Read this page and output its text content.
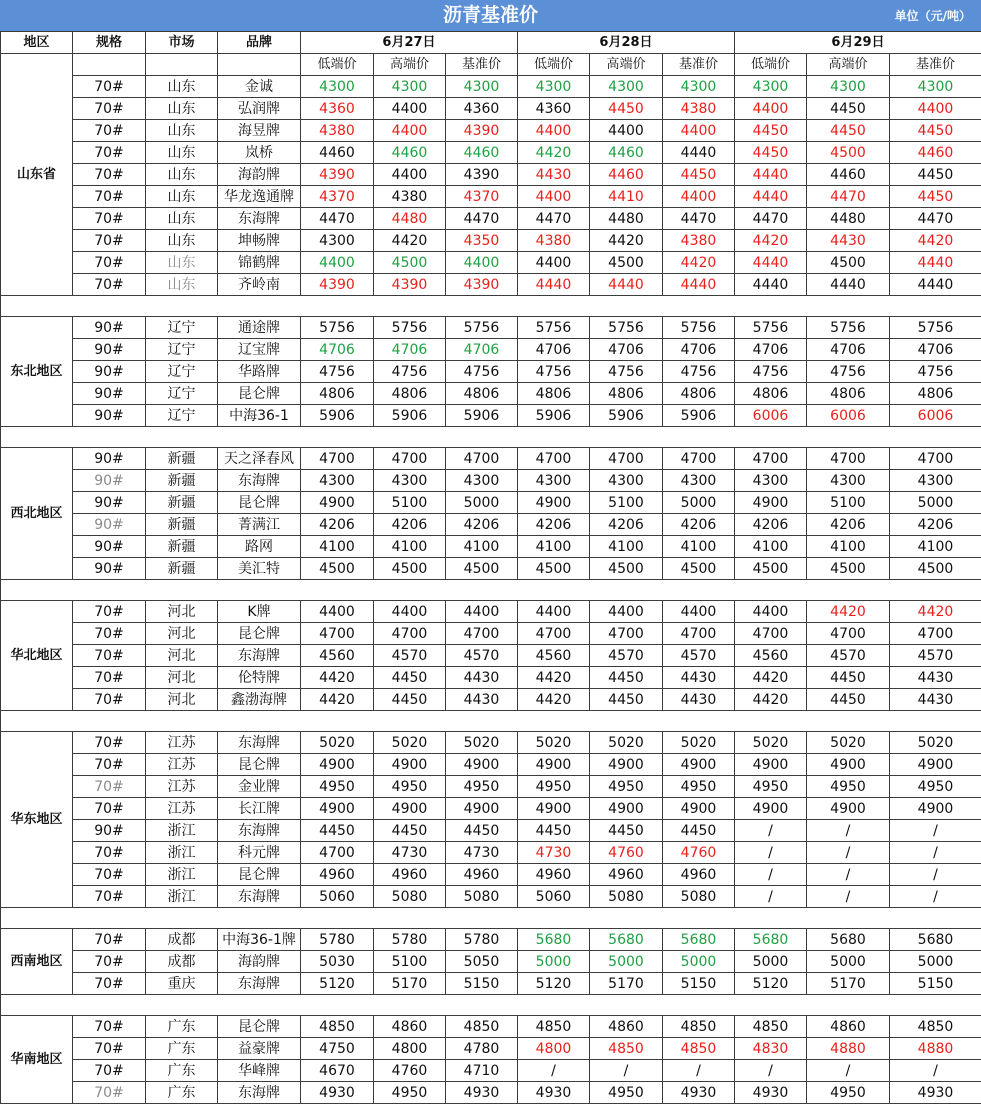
沥青基准价	单位（元/吨）
地区	规格	市场	品牌	6月27日			6月28日			6月29日		
山东省				低端价	高端价	基准价	低端价	高端价	基准价	低端价	高端价	基准价
	70#	山东	金诚	4300	4300	4300	4300	4300	4300	4300	4300	4300
	70#	山东	弘润牌	4360	4400	4360	4360	4450	4380	4400	4450	4400
	70#	山东	海昱牌	4380	4400	4390	4400	4400	4400	4450	4450	4450
	70#	山东	岚桥	4460	4460	4460	4420	4460	4440	4450	4500	4460
	70#	山东	海韵牌	4390	4400	4390	4430	4460	4450	4440	4460	4450
	70#	山东	华龙逸通牌	4370	4380	4370	4400	4410	4400	4440	4470	4450
	70#	山东	东海牌	4470	4480	4470	4470	4480	4470	4470	4480	4470
	70#	山东	坤畅牌	4300	4420	4350	4380	4420	4380	4420	4430	4420
	70#	山东	锦鹤牌	4400	4500	4400	4400	4500	4420	4440	4500	4440
	70#	山东	齐岭南	4390	4390	4390	4440	4440	4440	4440	4440	4440

东北地区	90#	辽宁	通途牌	5756	5756	5756	5756	5756	5756	5756	5756	5756
	90#	辽宁	辽宝牌	4706	4706	4706	4706	4706	4706	4706	4706	4706
	90#	辽宁	华路牌	4756	4756	4756	4756	4756	4756	4756	4756	4756
	90#	辽宁	昆仑牌	4806	4806	4806	4806	4806	4806	4806	4806	4806
	90#	辽宁	中海36-1	5906	5906	5906	5906	5906	5906	6006	6006	6006

西北地区	90#	新疆	天之泽春风	4700	4700	4700	4700	4700	4700	4700	4700	4700
	90#	新疆	东海牌	4300	4300	4300	4300	4300	4300	4300	4300	4300
	90#	新疆	昆仑牌	4900	5100	5000	4900	5100	5000	4900	5100	5000
	90#	新疆	菁满江	4206	4206	4206	4206	4206	4206	4206	4206	4206
	90#	新疆	路网	4100	4100	4100	4100	4100	4100	4100	4100	4100
	90#	新疆	美汇特	4500	4500	4500	4500	4500	4500	4500	4500	4500

华北地区	70#	河北	K牌	4400	4400	4400	4400	4400	4400	4400	4420	4420
	70#	河北	昆仑牌	4700	4700	4700	4700	4700	4700	4700	4700	4700
	70#	河北	东海牌	4560	4570	4570	4560	4570	4570	4560	4570	4570
	70#	河北	伦特牌	4420	4450	4430	4420	4450	4430	4420	4450	4430
	70#	河北	鑫渤海牌	4420	4450	4430	4420	4450	4430	4420	4450	4430

华东地区	70#	江苏	东海牌	5020	5020	5020	5020	5020	5020	5020	5020	5020
	70#	江苏	昆仑牌	4900	4900	4900	4900	4900	4900	4900	4900	4900
	70#	江苏	金业牌	4950	4950	4950	4950	4950	4950	4950	4950	4950
	70#	江苏	长江牌	4900	4900	4900	4900	4900	4900	4900	4900	4900
	90#	浙江	东海牌	4450	4450	4450	4450	4450	4450	/	/	/
	70#	浙江	科元牌	4700	4730	4730	4730	4760	4760	/	/	/
	70#	浙江	昆仑牌	4960	4960	4960	4960	4960	4960	/	/	/
	70#	浙江	东海牌	5060	5080	5080	5060	5080	5080	/	/	/

西南地区	70#	成都	中海36-1牌	5780	5780	5780	5680	5680	5680	5680	5680	5680
	70#	成都	海韵牌	5030	5100	5050	5000	5000	5000	5000	5000	5000
	70#	重庆	东海牌	5120	5170	5150	5120	5170	5150	5120	5170	5150

华南地区	70#	广东	昆仑牌	4850	4860	4850	4850	4860	4850	4850	4860	4850
	70#	广东	益豪牌	4750	4800	4780	4800	4850	4850	4830	4880	4880
	70#	广东	华峰牌	4670	4760	4710	/	/	/	/	/	/
	70#	广东	东海牌	4930	4950	4930	4930	4950	4930	4930	4950	4930
